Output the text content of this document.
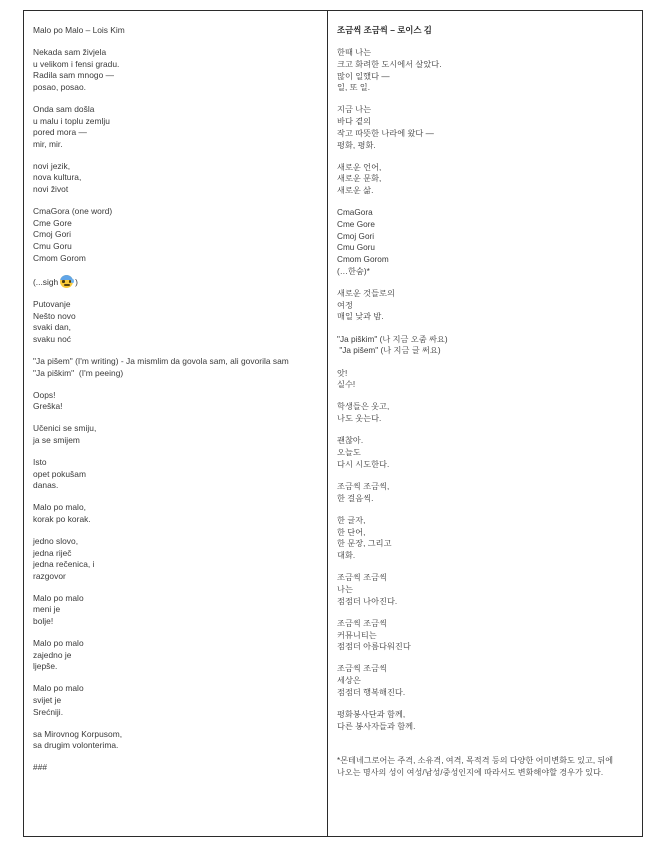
Malo po Malo – Lois Kim
Nekada sam živjela
u velikom i fensi gradu.
Radila sam mnogo —
posao, posao.
Onda sam došla
u malu i toplu zemlju
pored mora —
mir, mir.
novi jezik,
nova kultura,
novi život
CmaGora (one word)
Cme Gore
Cmoj Gori
Cmu Goru
Cmom Gorom
(...sigh )
Putovanje
Nešto novo
svaki dan,
svaku noć
"Ja pišem" (I'm writing) - Ja mismlim da govola sam, ali govorila sam
"Ja piškim"  (I'm peeing)
Oops!
Greška!
Učenici se smiju,
ja se smijem
Isto
opet pokušam
danas.
Malo po malo,
korak po korak.
jedno slovo,
jedna riječ
jedna rečenica, i
razgovor
Malo po malo
meni je
bolje!
Malo po malo
zajedno je
ljepše.
Malo po malo
svijet je
Srećniji.
sa Mirovnog Korpusom,
sa drugim volonterima.
###
조금씩 조금씩 – 로이스 김
한때 나는
크고 화려한 도시에서 살았다.
많이 일했다 —
일, 또 일.
지금 나는
바다 곁의
작고 따뜻한 나라에 왔다 —
평화, 평화.
새로운 언어,
새로운 문화,
새로운 삶.
CmaGora
Cme Gore
Cmoj Gori
Cmu Goru
Cmom Gorom
(…한숨)*
새로운 것들로의
여정
매일 낮과 밤.
"Ja piškim" (나 지금 오줌 싸요)
"Ja pišem" (나 지금 글 써요)
앗!
실수!
학생들은 웃고,
나도 웃는다.
괜찮아.
오늘도
다시 시도한다.
조금씩 조금씩,
한 걸음씩.
한 글자,
한 단어,
한 문장, 그리고
대화.
조금씩 조금씩
나는
점점더 나아진다.
조금씩 조금씩
커뮤니티는
점점더 아름다워진다
조금씩 조금씩
세상은
점점더 행복해진다.
평화봉사단과 함께,
다른 봉사자들과 함께.
*몬테네그로어는 주격, 소유격, 여격, 목적격 등의 다양한 어미변화도 있고, 뒤에
나오는 명사의 성이 여성/남성/중성인지에 따라서도 변화해야할 경우가 있다.
